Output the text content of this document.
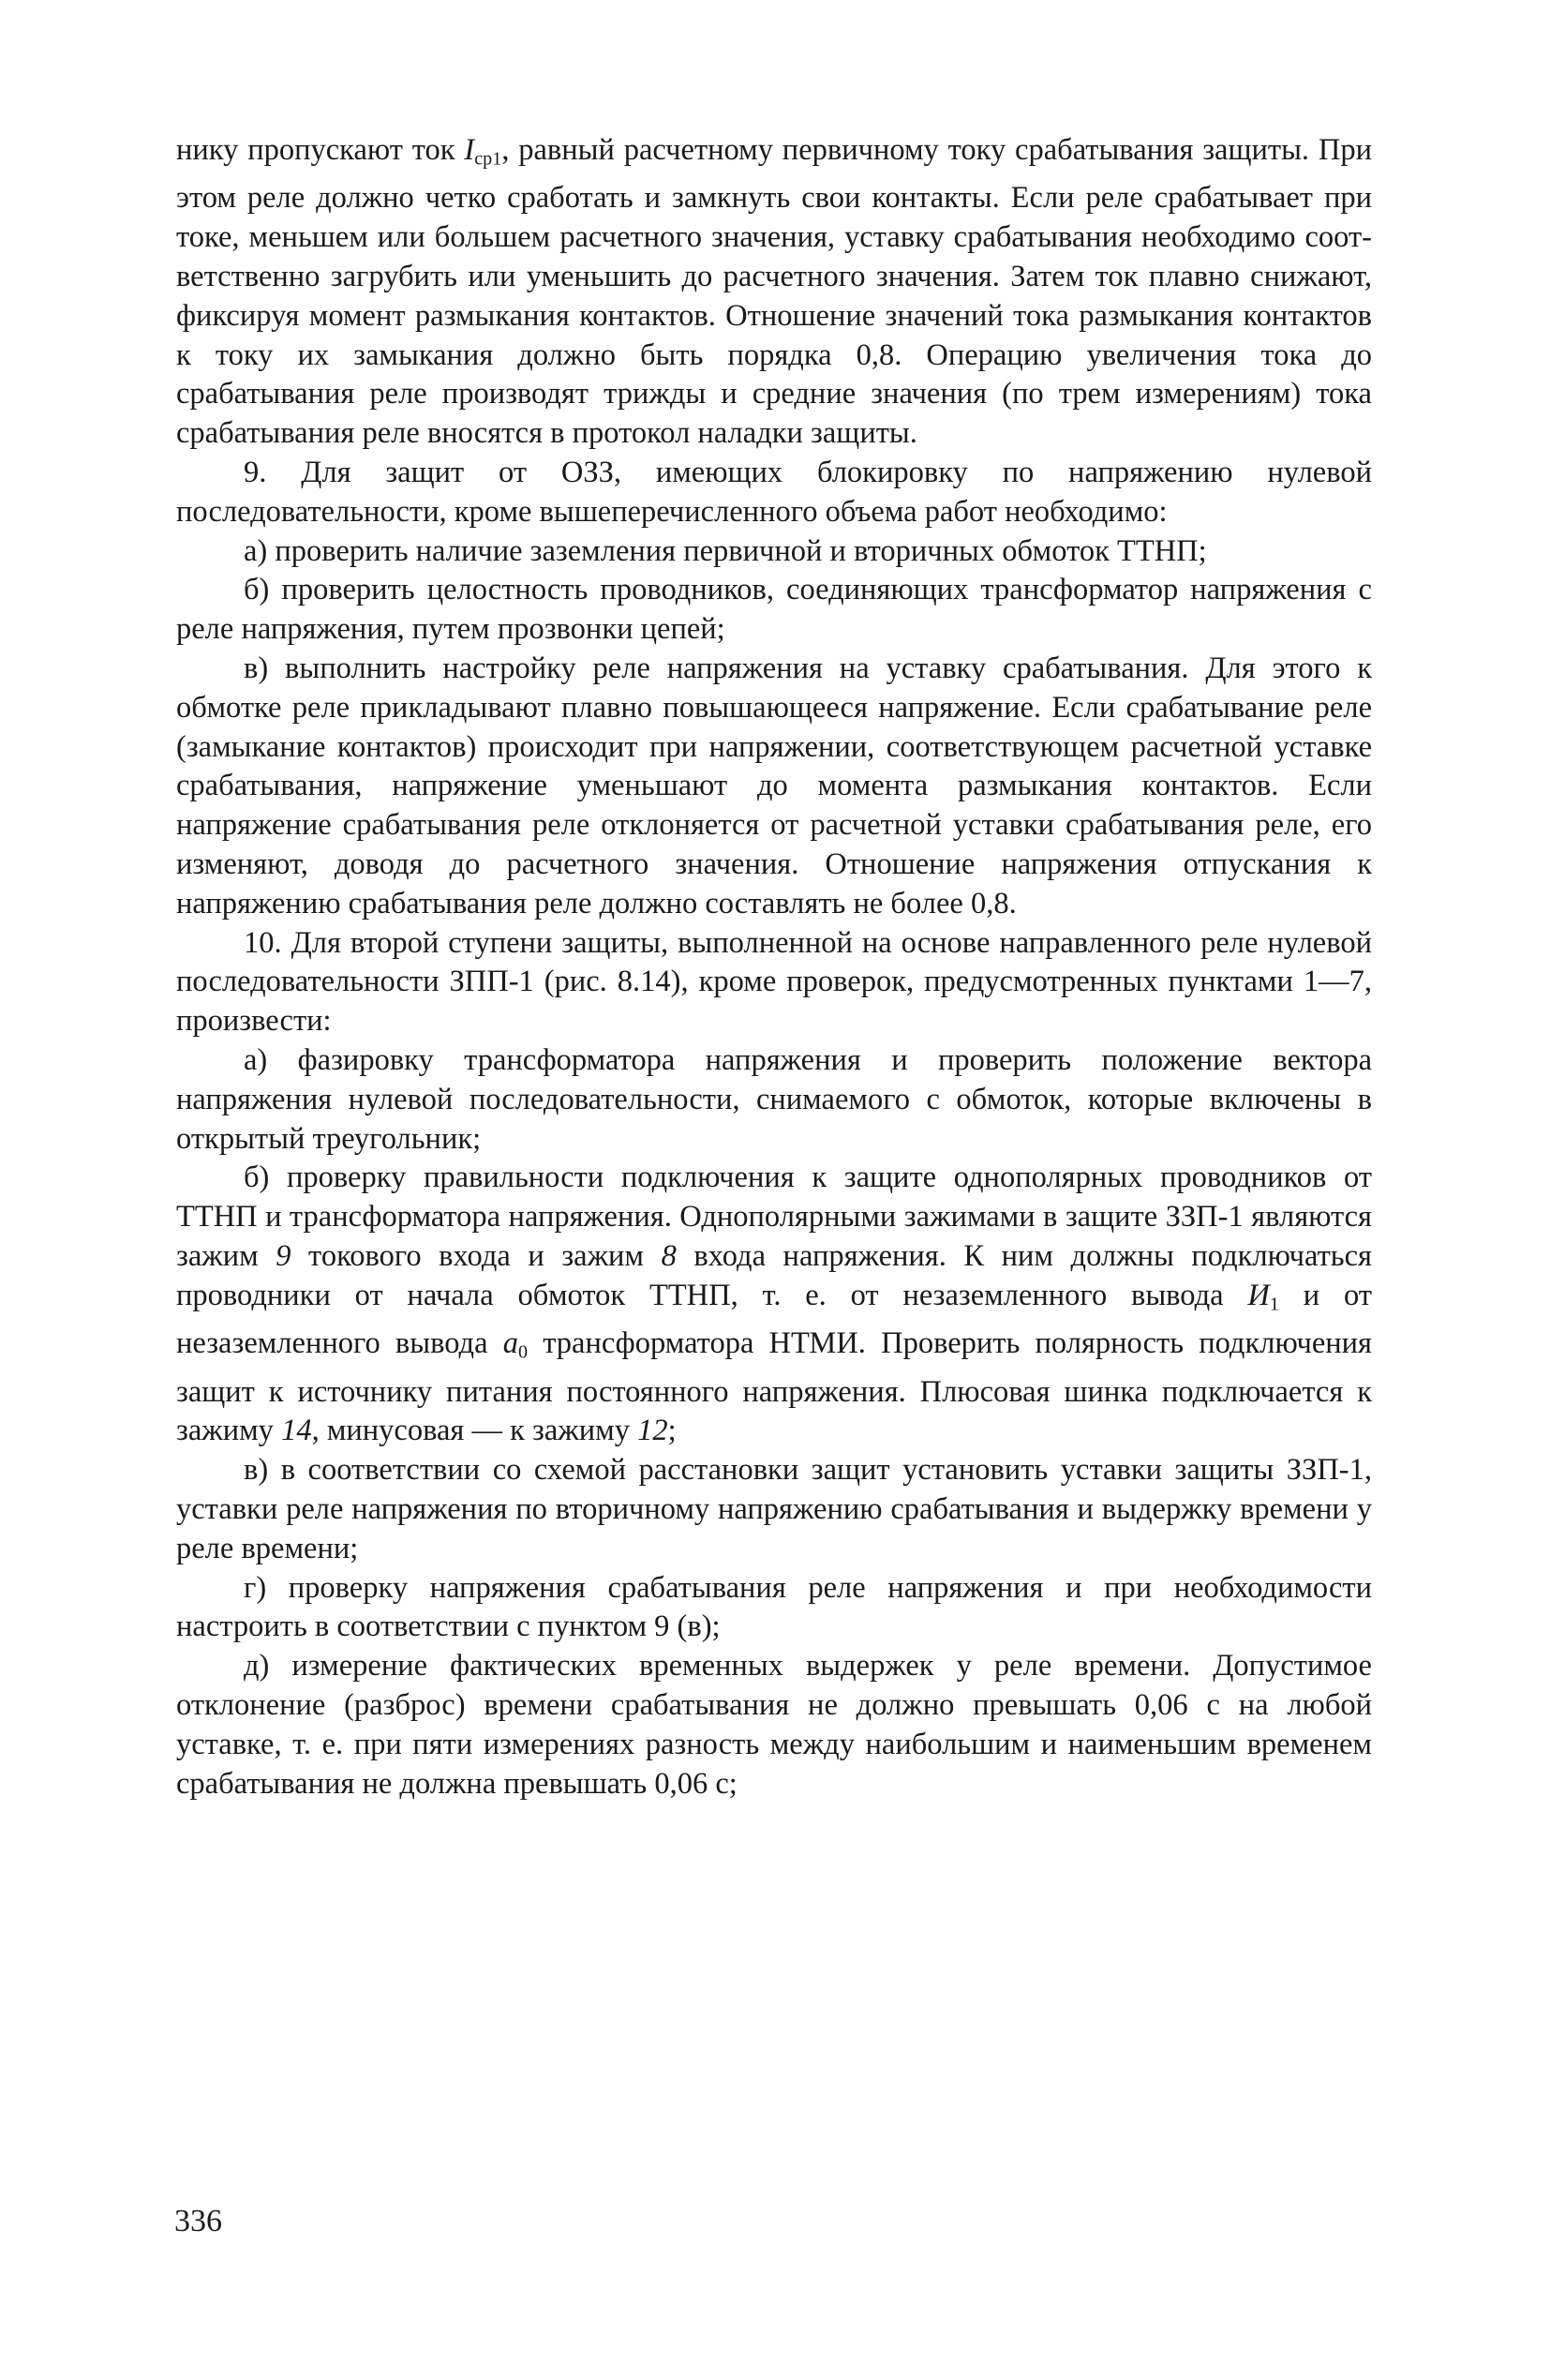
нику пропускают ток $I_{ср1}$, равный расчетному первичному току срабатывания защиты. При этом реле должно четко сработать и замкнуть свои контакты. Если реле срабатывает при токе, меньшем или большем расчетного значения, уставку срабатывания необходимо соответственно загрубить или уменьшить до расчетного значения. Затем ток плавно снижают, фиксируя момент размыкания контактов. Отношение значений тока размыкания контактов к току их замыкания должно быть порядка 0,8. Операцию увеличения тока до срабатывания реле производят трижды и средние значения (по трем измерениям) тока срабатывания реле вносятся в протокол наладки защиты.

9. Для защит от ОЗЗ, имеющих блокировку по напряжению нулевой последовательности, кроме вышеперечисленного объема работ необходимо:

а) проверить наличие заземления первичной и вторичных обмоток ТТНП;

б) проверить целостность проводников, соединяющих трансформатор напряжения с реле напряжения, путем прозвонки цепей;

в) выполнить настройку реле напряжения на уставку срабатывания. Для этого к обмотке реле прикладывают плавно повышающееся напряжение. Если срабатывание реле (замыкание контактов) происходит при напряжении, соответствующем расчетной уставке срабатывания, напряжение уменьшают до момента размыкания контактов. Если напряжение срабатывания реле отклоняется от расчетной уставки срабатывания реле, его изменяют, доводя до расчетного значения. Отношение напряжения отпускания к напряжению срабатывания реле должно составлять не более 0,8.

10. Для второй ступени защиты, выполненной на основе направленного реле нулевой последовательности ЗПП-1 (рис. 8.14), кроме проверок, предусмотренных пунктами 1—7, произвести:

а) фазировку трансформатора напряжения и проверить положение вектора напряжения нулевой последовательности, снимаемого с обмоток, которые включены в открытый треугольник;

б) проверку правильности подключения к защите однополярных проводников от ТТНП и трансформатора напряжения. Однополярными зажимами в защите ЗЗП-1 являются зажим 9 токового входа и зажим 8 входа напряжения. К ним должны подключаться проводники от начала обмоток ТТНП, т. е. от незаземленного вывода $И_1$ и от незаземленного вывода $a_0$ трансформатора НТМИ. Проверить полярность подключения защит к источнику питания постоянного напряжения. Плюсовая шинка подключается к зажиму 14, минусовая — к зажиму 12;

в) в соответствии со схемой расстановки защит установить уставки защиты ЗЗП-1, уставки реле напряжения по вторичному напряжению срабатывания и выдержку времени у реле времени;

г) проверку напряжения срабатывания реле напряжения и при необходимости настроить в соответствии с пунктом 9 (в);

д) измерение фактических временных выдержек у реле времени. Допустимое отклонение (разброс) времени срабатывания не должно превышать 0,06 с на любой уставке, т. е. при пяти измерениях разность между наибольшим и наименьшим временем срабатывания не должна превышать 0,06 с;

336
